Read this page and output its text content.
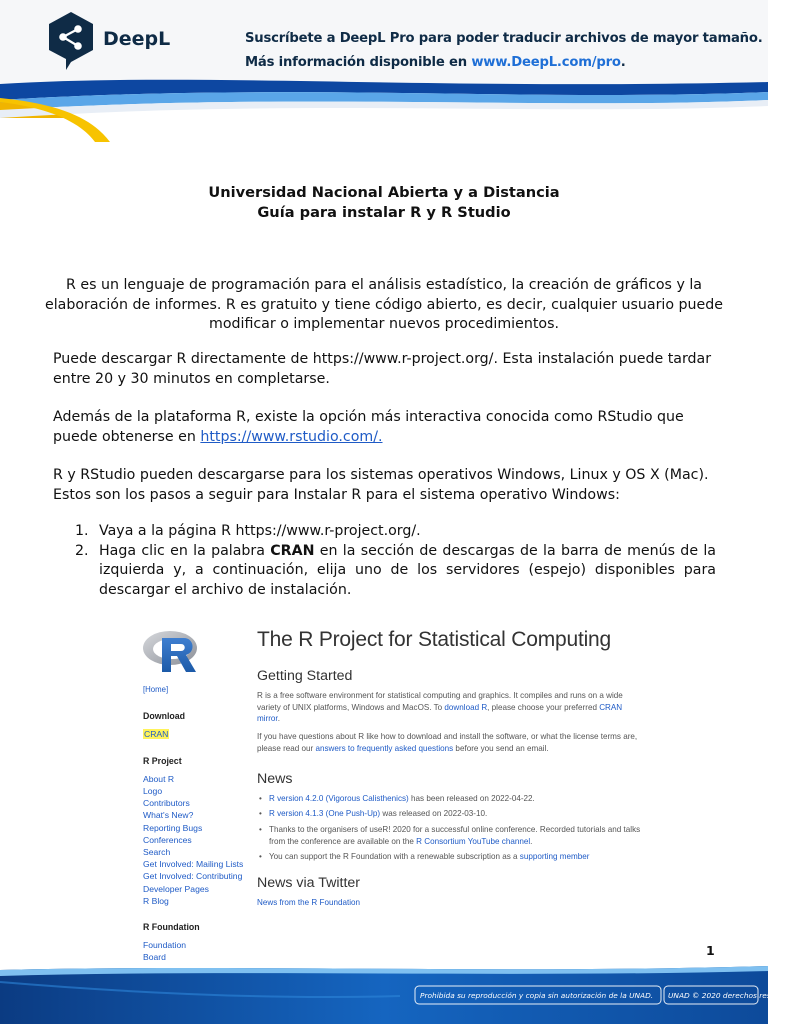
DeepL	Suscríbete a DeepL Pro para poder traducir archivos de mayor tamaño.
Más información disponible en www.DeepL.com/pro.
Universidad Nacional Abierta y a Distancia
Guía para instalar R y R Studio
R es un lenguaje de programación para el análisis estadístico, la creación de gráficos y la elaboración de informes. R es gratuito y tiene código abierto, es decir, cualquier usuario puede modificar o implementar nuevos procedimientos.
Puede descargar R directamente de https://www.r-project.org/. Esta instalación puede tardar entre 20 y 30 minutos en completarse.
Además de la plataforma R, existe la opción más interactiva conocida como RStudio que puede obtenerse en https://www.rstudio.com/.
R y RStudio pueden descargarse para los sistemas operativos Windows, Linux y OS X (Mac). Estos son los pasos a seguir para Instalar R para el sistema operativo Windows:
1. Vaya a la página R https://www.r-project.org/.
2. Haga clic en la palabra CRAN en la sección de descargas de la barra de menús de la izquierda y, a continuación, elija uno de los servidores (espejo) disponibles para descargar el archivo de instalación.
[Home]
Download
CRAN
R Project
About R
Logo
Contributors
What's New?
Reporting Bugs
Conferences
Search
Get Involved: Mailing Lists
Get Involved: Contributing
Developer Pages
R Blog
R Foundation
Foundation
Board
The R Project for Statistical Computing
Getting Started
R is a free software environment for statistical computing and graphics. It compiles and runs on a wide variety of UNIX platforms, Windows and MacOS. To download R, please choose your preferred CRAN mirror.
If you have questions about R like how to download and install the software, or what the license terms are, please read our answers to frequently asked questions before you send an email.
News
• R version 4.2.0 (Vigorous Calisthenics) has been released on 2022-04-22.
• R version 4.1.3 (One Push-Up) was released on 2022-03-10.
• Thanks to the organisers of useR! 2020 for a successful online conference. Recorded tutorials and talks from the conference are available on the R Consortium YouTube channel.
• You can support the R Foundation with a renewable subscription as a supporting member
News via Twitter
News from the R Foundation
1
Prohibida su reproducción y copia sin autorización de la UNAD. UNAD © 2020 derechos reservados.
